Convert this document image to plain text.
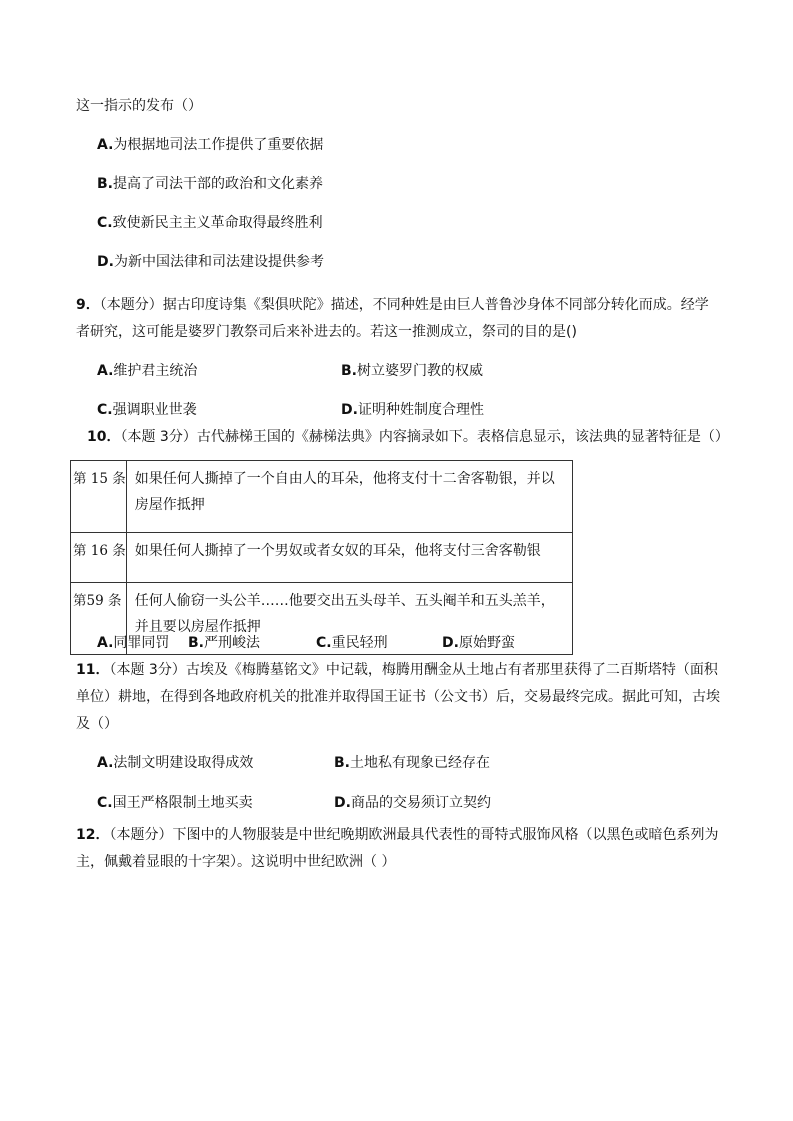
这一指示的发布（）
A.为根据地司法工作提供了重要依据
B.提高了司法干部的政治和文化素养
C.致使新民主主义革命取得最终胜利
D.为新中国法律和司法建设提供参考
9．（本题分）据古印度诗集《梨俱吠陀》描述，不同种姓是由巨人普鲁沙身体不同部分转化而成。经学
者研究，这可能是婆罗门教祭司后来补进去的。若这一推测成立，祭司的目的是()
A.维护君主统治	B.树立婆罗门教的权威
C.强调职业世袭	D.证明种姓制度合理性
10．（本题 3分）古代赫梯王国的《赫梯法典》内容摘录如下。表格信息显示，该法典的显著特征是（）
第 15 条	如果任何人撕掉了一个自由人的耳朵，他将支付十二舍客勒银，并以房屋作抵押
第 16 条	如果任何人撕掉了一个男奴或者女奴的耳朵，他将支付三舍客勒银
第59 条	任何人偷窃一头公羊……他要交出五头母羊、五头阉羊和五头羔羊，并且要以房屋作抵押
A.同罪同罚 B.严刑峻法	C.重民轻刑	D.原始野蛮
11．（本题 3分）古埃及《梅腾墓铭文》中记载，梅腾用酬金从土地占有者那里获得了二百斯塔特（面积
单位）耕地，在得到各地政府机关的批准并取得国王证书（公文书）后，交易最终完成。据此可知，古埃
及（）
A.法制文明建设取得成效	B.土地私有现象已经存在
C.国王严格限制土地买卖	D.商品的交易须订立契约
12．（本题分）下图中的人物服装是中世纪晚期欧洲最具代表性的哥特式服饰风格（以黑色或暗色系列为
主，佩戴着显眼的十字架）。这说明中世纪欧洲（ ）
